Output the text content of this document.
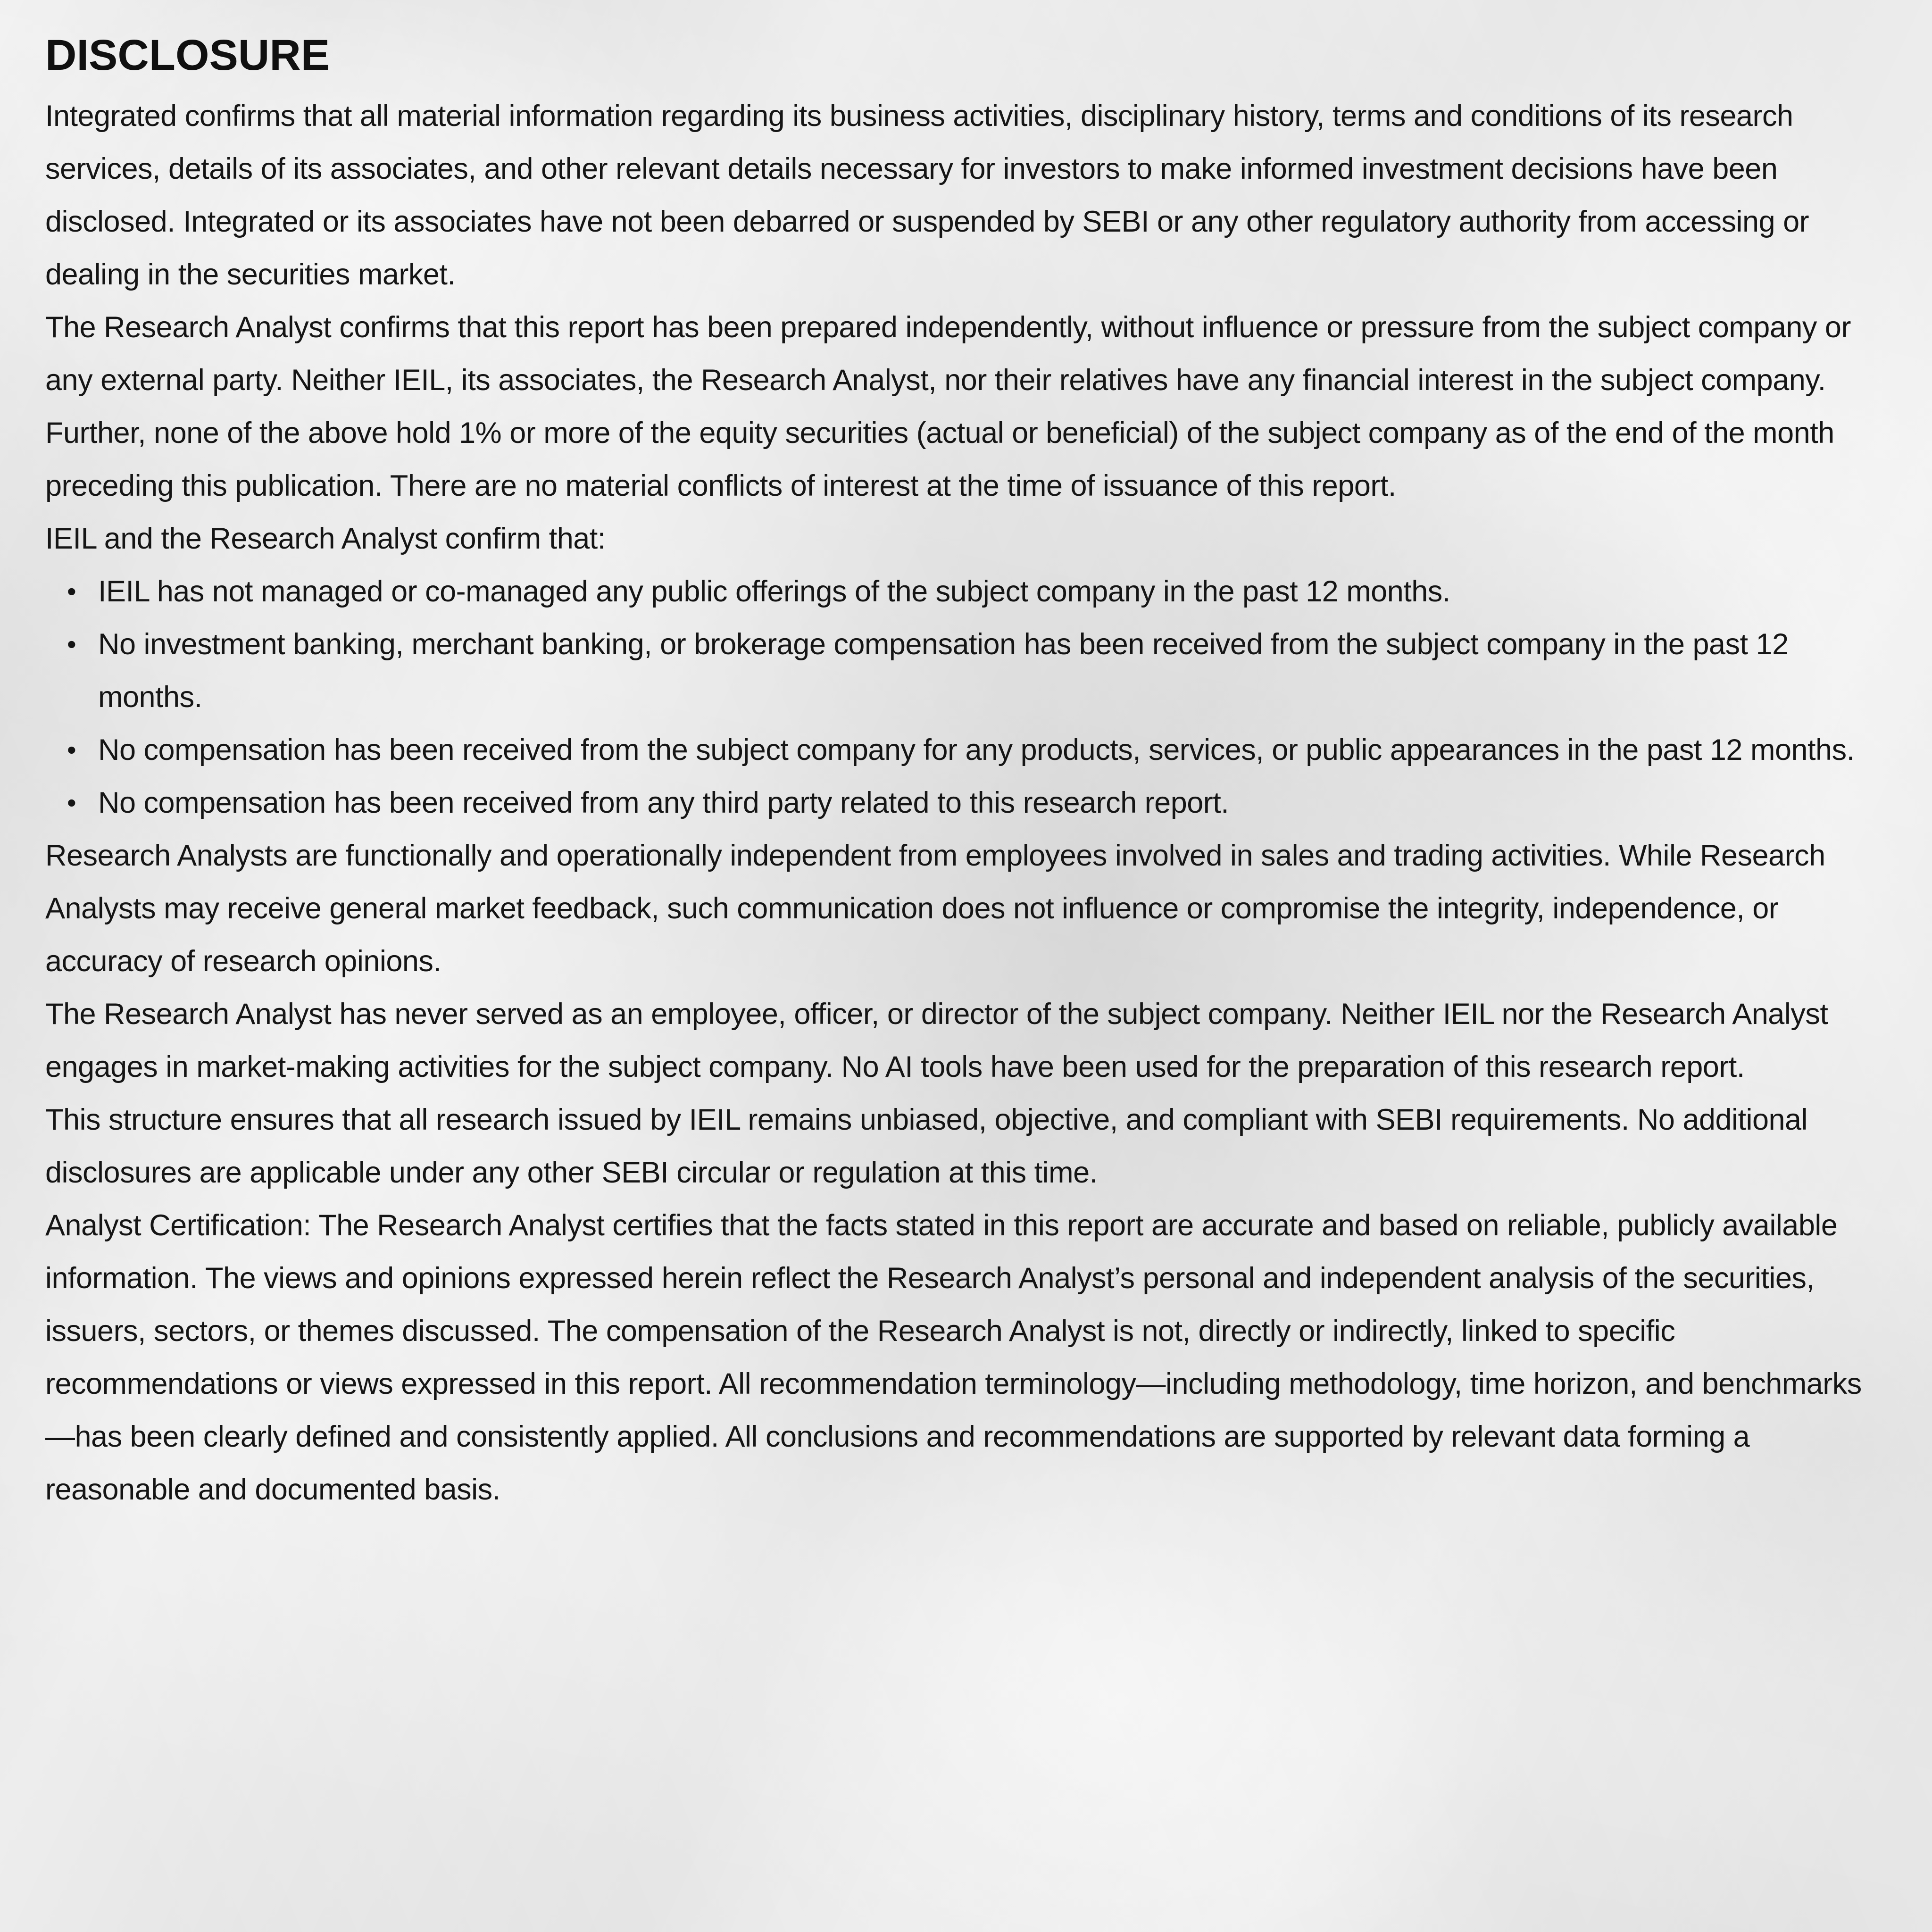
DISCLOSURE

Integrated confirms that all material information regarding its business activities, disciplinary history, terms and conditions of its research services, details of its associates, and other relevant details necessary for investors to make informed investment decisions have been disclosed. Integrated or its associates have not been debarred or suspended by SEBI or any other regulatory authority from accessing or dealing in the securities market.

The Research Analyst confirms that this report has been prepared independently, without influence or pressure from the subject company or any external party. Neither IEIL, its associates, the Research Analyst, nor their relatives have any financial interest in the subject company. Further, none of the above hold 1% or more of the equity securities (actual or beneficial) of the subject company as of the end of the month preceding this publication. There are no material conflicts of interest at the time of issuance of this report.

IEIL and the Research Analyst confirm that:

• IEIL has not managed or co-managed any public offerings of the subject company in the past 12 months.
• No investment banking, merchant banking, or brokerage compensation has been received from the subject company in the past 12 months.
• No compensation has been received from the subject company for any products, services, or public appearances in the past 12 months.
• No compensation has been received from any third party related to this research report.

Research Analysts are functionally and operationally independent from employees involved in sales and trading activities. While Research Analysts may receive general market feedback, such communication does not influence or compromise the integrity, independence, or accuracy of research opinions.

The Research Analyst has never served as an employee, officer, or director of the subject company. Neither IEIL nor the Research Analyst engages in market-making activities for the subject company. No AI tools have been used for the preparation of this research report.

This structure ensures that all research issued by IEIL remains unbiased, objective, and compliant with SEBI requirements. No additional disclosures are applicable under any other SEBI circular or regulation at this time.

Analyst Certification: The Research Analyst certifies that the facts stated in this report are accurate and based on reliable, publicly available information. The views and opinions expressed herein reflect the Research Analyst’s personal and independent analysis of the securities, issuers, sectors, or themes discussed. The compensation of the Research Analyst is not, directly or indirectly, linked to specific recommendations or views expressed in this report. All recommendation terminology—including methodology, time horizon, and benchmarks—has been clearly defined and consistently applied. All conclusions and recommendations are supported by relevant data forming a reasonable and documented basis.
